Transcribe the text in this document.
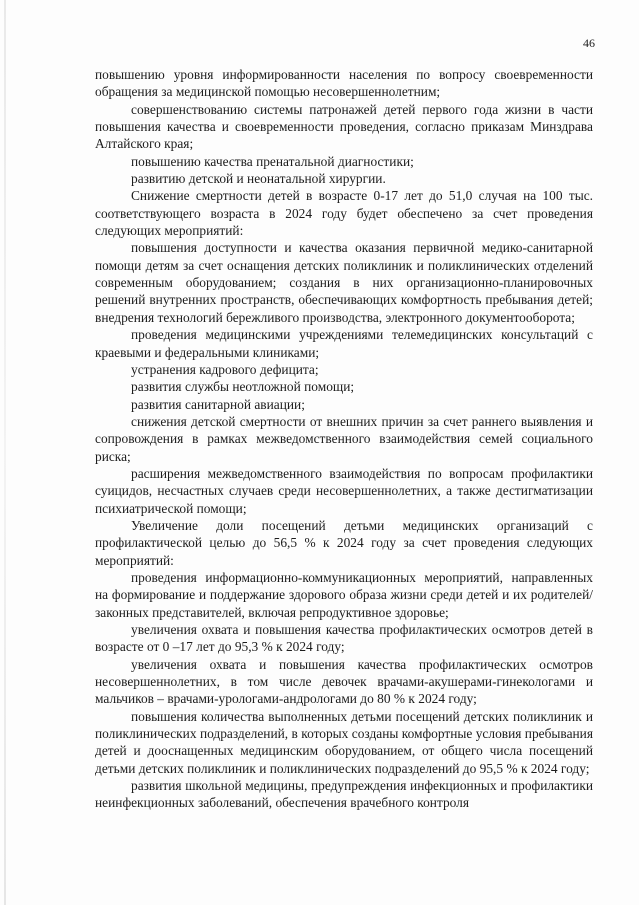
46

повышению уровня информированности населения по вопросу своевременности обращения за медицинской помощью несовершеннолетним;

совершенствованию системы патронажей детей первого года жизни в части повышения качества и своевременности проведения, согласно приказам Минздрава Алтайского края;

повышению качества пренатальной диагностики;

развитию детской и неонатальной хирургии.

Снижение смертности детей в возрасте 0-17 лет до 51,0 случая на 100 тыс. соответствующего возраста в 2024 году будет обеспечено за счет проведения следующих мероприятий:

повышения доступности и качества оказания первичной медико-санитарной помощи детям за счет оснащения детских поликлиник и поликлинических отделений современным оборудованием; создания в них организационно-планировочных решений внутренних пространств, обеспечивающих комфортность пребывания детей; внедрения технологий бережливого производства, электронного документооборота;

проведения медицинскими учреждениями телемедицинских консультаций с краевыми и федеральными клиниками;

устранения кадрового дефицита;

развития службы неотложной помощи;

развития санитарной авиации;

снижения детской смертности от внешних причин за счет раннего выявления и сопровождения в рамках межведомственного взаимодействия семей социального риска;

расширения межведомственного взаимодействия по вопросам профилактики суицидов, несчастных случаев среди несовершеннолетних, а также дестигматизации психиатрической помощи;

Увеличение доли посещений детьми медицинских организаций с профилактической целью до 56,5 % к 2024 году за счет проведения следующих мероприятий:

проведения информационно-коммуникационных мероприятий, направленных на формирование и поддержание здорового образа жизни среди детей и их родителей/законных представителей, включая репродуктивное здоровье;

увеличения охвата и повышения качества профилактических осмотров детей в возрасте от 0 –17 лет до 95,3 % к 2024 году;

увеличения охвата и повышения качества профилактических осмотров несовершеннолетних, в том числе девочек врачами-акушерами-гинекологами и мальчиков – врачами-урологами-андрологами до 80 % к 2024 году;

повышения количества выполненных детьми посещений детских поликлиник и поликлинических подразделений, в которых созданы комфортные условия пребывания детей и дооснащенных медицинским оборудованием, от общего числа посещений детьми детских поликлиник и поликлинических подразделений до 95,5 % к 2024 году;

развития школьной медицины, предупреждения инфекционных и профилактики неинфекционных заболеваний, обеспечения врачебного контроля
